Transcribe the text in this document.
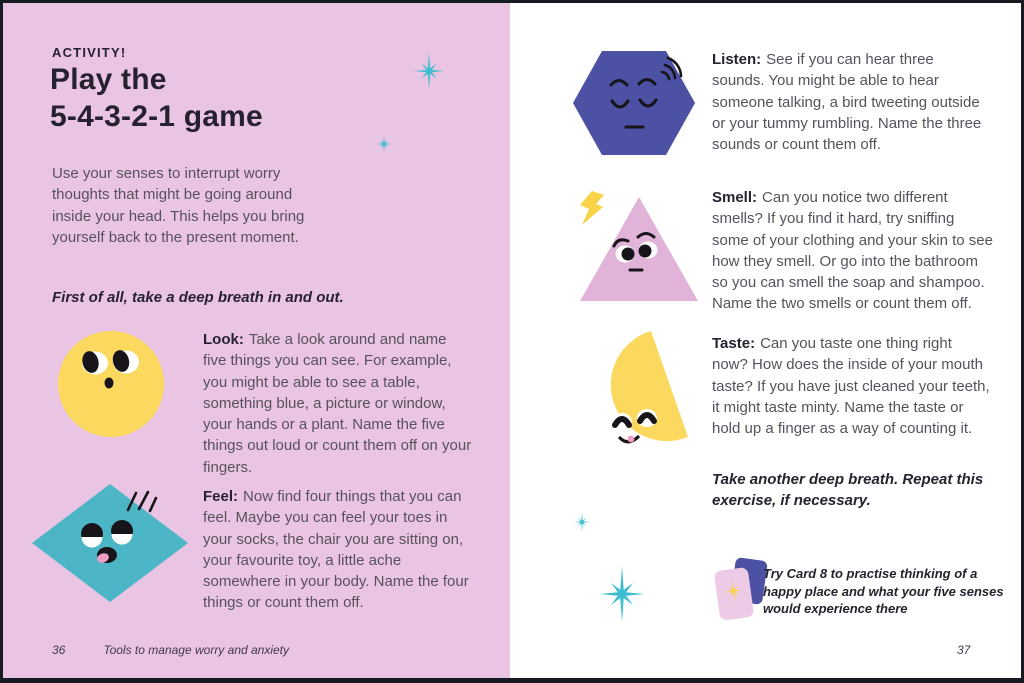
ACTIVITY!
Play the
5-4-3-2-1 game

Use your senses to interrupt worry thoughts that might be going around inside your head. This helps you bring yourself back to the present moment.

First of all, take a deep breath in and out.

Look: Take a look around and name five things you can see. For example, you might be able to see a table, something blue, a picture or window, your hands or a plant. Name the five things out loud or count them off on your fingers.

Feel: Now find four things that you can feel. Maybe you can feel your toes in your socks, the chair you are sitting on, your favourite toy, a little ache somewhere in your body. Name the four things or count them off.

36	Tools to manage worry and anxiety

Listen: See if you can hear three sounds. You might be able to hear someone talking, a bird tweeting outside or your tummy rumbling. Name the three sounds or count them off.

Smell: Can you notice two different smells? If you find it hard, try sniffing some of your clothing and your skin to see how they smell. Or go into the bathroom so you can smell the soap and shampoo. Name the two smells or count them off.

Taste: Can you taste one thing right now? How does the inside of your mouth taste? If you have just cleaned your teeth, it might taste minty. Name the taste or hold up a finger as a way of counting it.

Take another deep breath. Repeat this exercise, if necessary.

Try Card 8 to practise thinking of a happy place and what your five senses would experience there

37
